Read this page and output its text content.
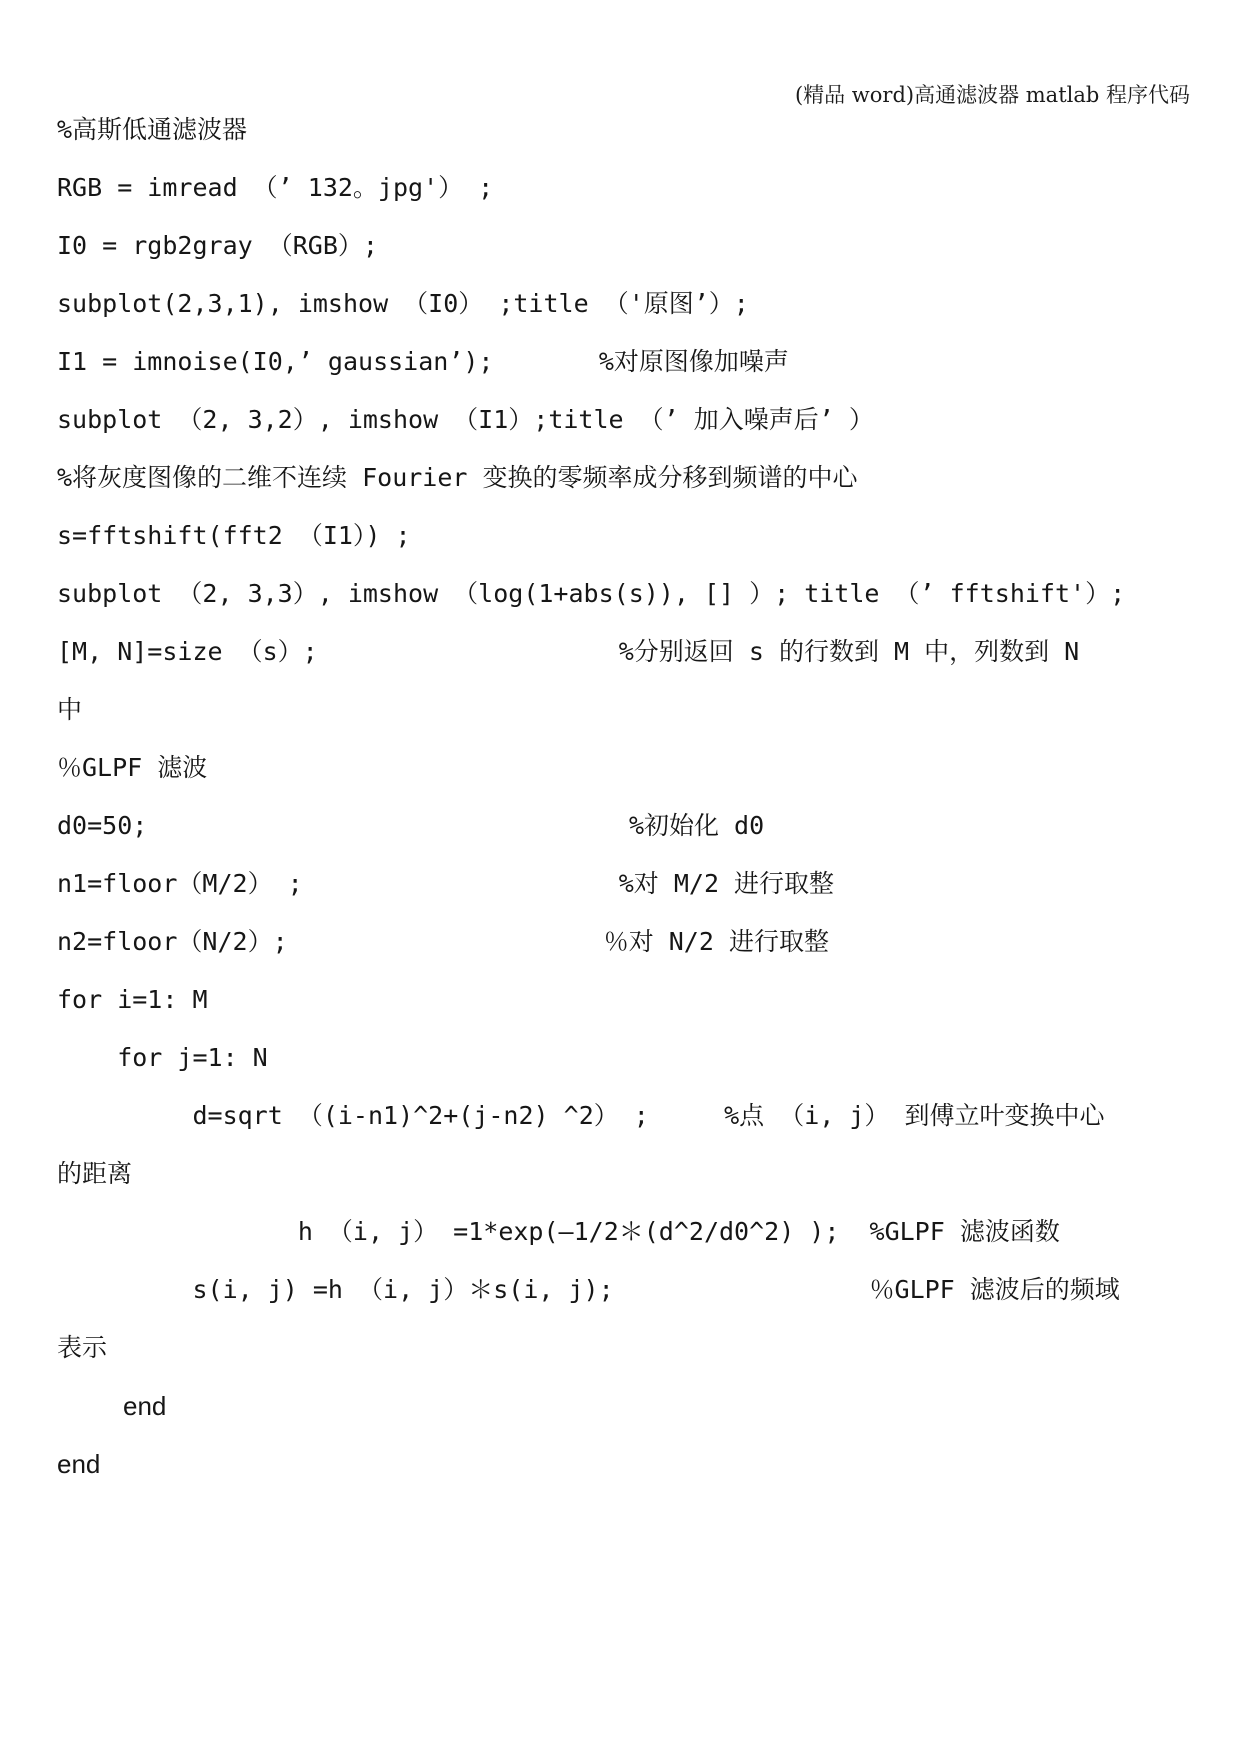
(精品 word)高通滤波器 matlab 程序代码
%高斯低通滤波器
RGB = imread （’ 132。jpg'） ;
I0 = rgb2gray （RGB）;
subplot(2,3,1), imshow （I0） ;title （'原图’）;
I1 = imnoise(I0,’ gaussian’);       %对原图像加噪声
subplot （2, 3,2）, imshow （I1）;title （’ 加入噪声后’ ）
%将灰度图像的二维不连续 Fourier 变换的零频率成分移到频谱的中心
s=fftshift(fft2 （I1）) ;
subplot （2, 3,3）, imshow （log(1+abs(s)), [] ）; title （’ fftshift'）;
[M, N]=size （s）;                    %分别返回 s 的行数到 M 中，列数到 N
中
％GLPF 滤波
d0=50;                                %初始化 d0
n1=floor（M/2） ;                     %对 M/2 进行取整
n2=floor（N/2）;                     ％对 N/2 进行取整
for i=1: M
for j=1: N
d=sqrt （(i-n1)^2+(j-n2) ^2） ;     %点 （i, j） 到傅立叶变换中心
的距离
h （i, j） =1*exp(—1/2＊(d^2/d0^2) );  %GLPF 滤波函数
s(i, j) =h （i, j）＊s(i, j);                 ％GLPF 滤波后的频域
表示
end
end
